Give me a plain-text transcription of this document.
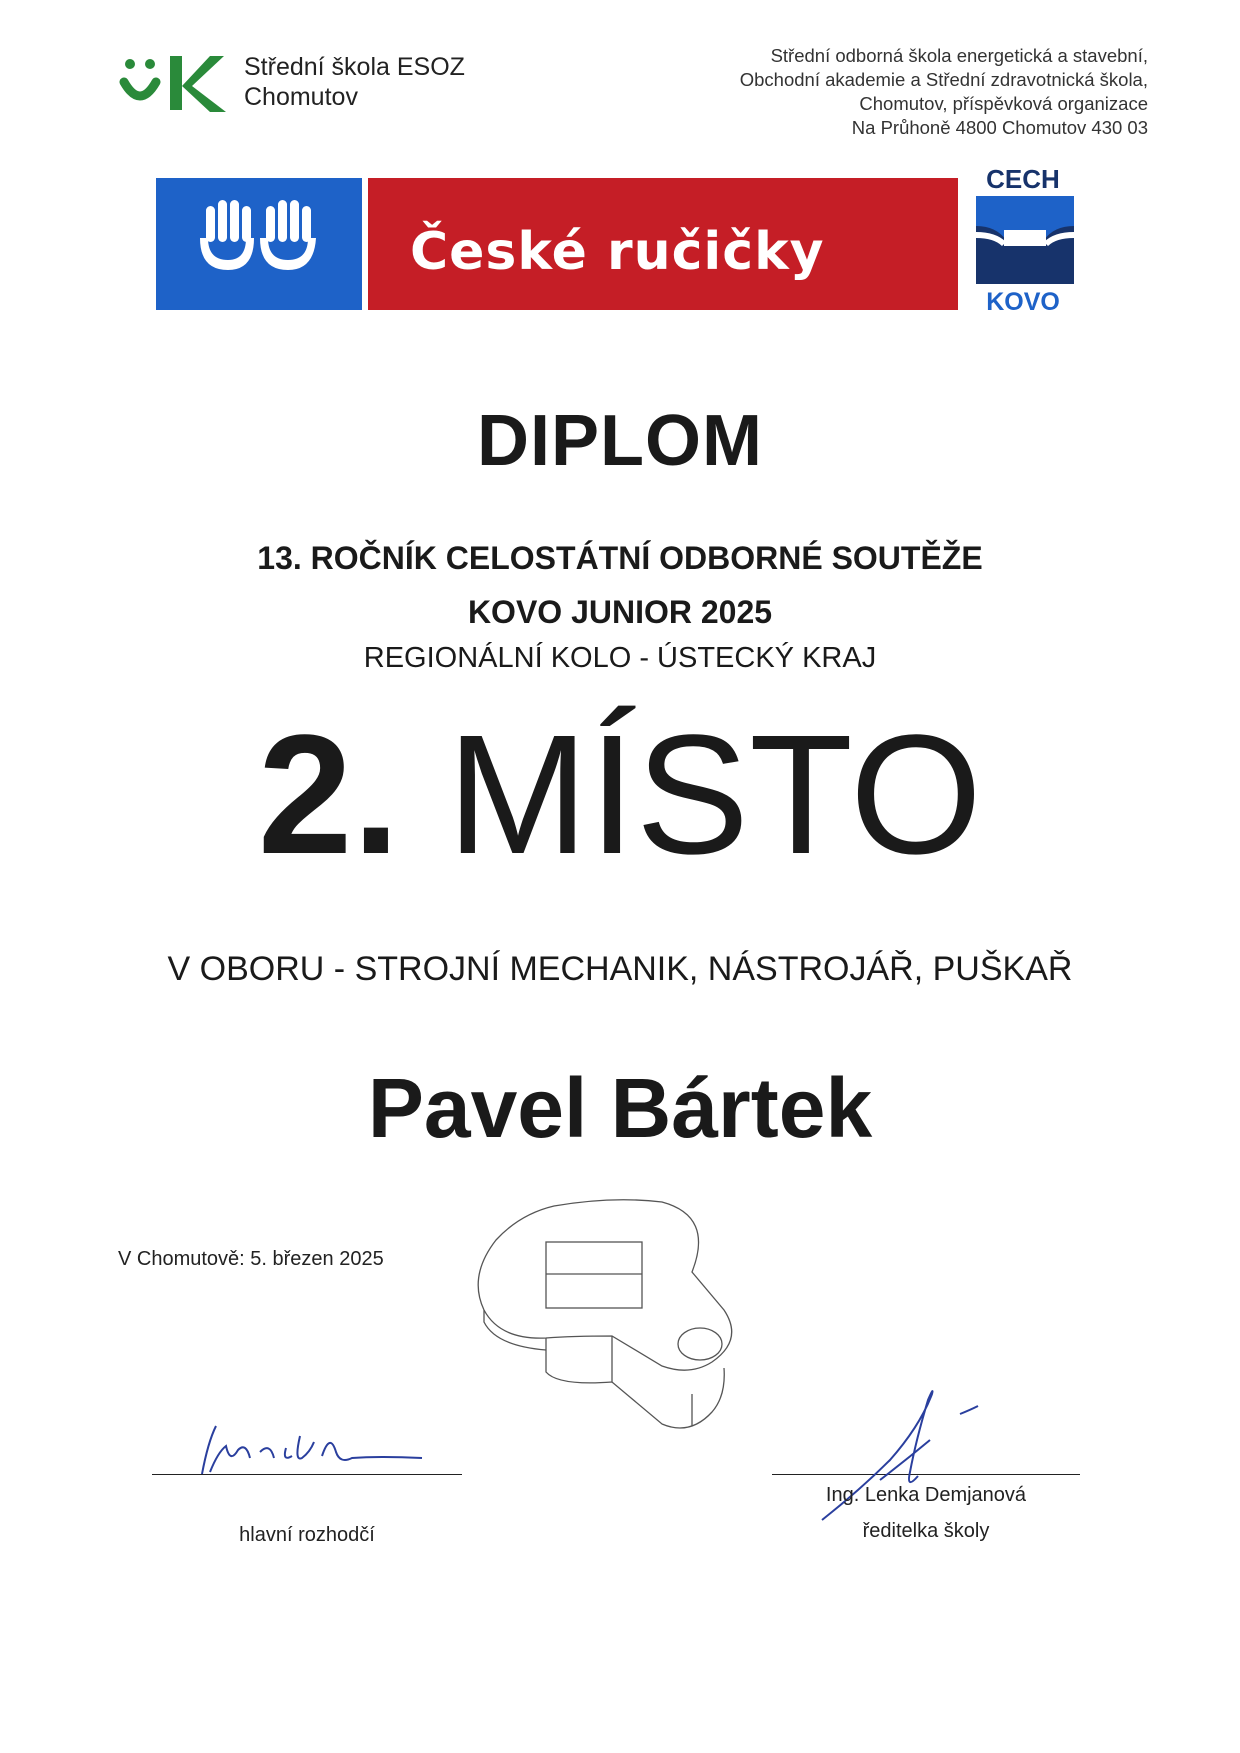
Střední škola ESOZ
Chomutov
Střední odborná škola energetická a stavební,
Obchodní akademie a Střední zdravotnická škola,
Chomutov, příspěvková organizace
Na Průhoně 4800 Chomutov 430 03
České ručičky
CECH
KOVO
DIPLOM
13. ROČNÍK CELOSTÁTNÍ ODBORNÉ SOUTĚŽE
KOVO JUNIOR 2025
REGIONÁLNÍ KOLO - ÚSTECKÝ KRAJ
2. MÍSTO
V OBORU - STROJNÍ MECHANIK, NÁSTROJÁŘ, PUŠKAŘ
Pavel Bártek
V Chomutově: 5. březen 2025
Ing. Lenka Demjanová
hlavní rozhodčí	ředitelka školy
